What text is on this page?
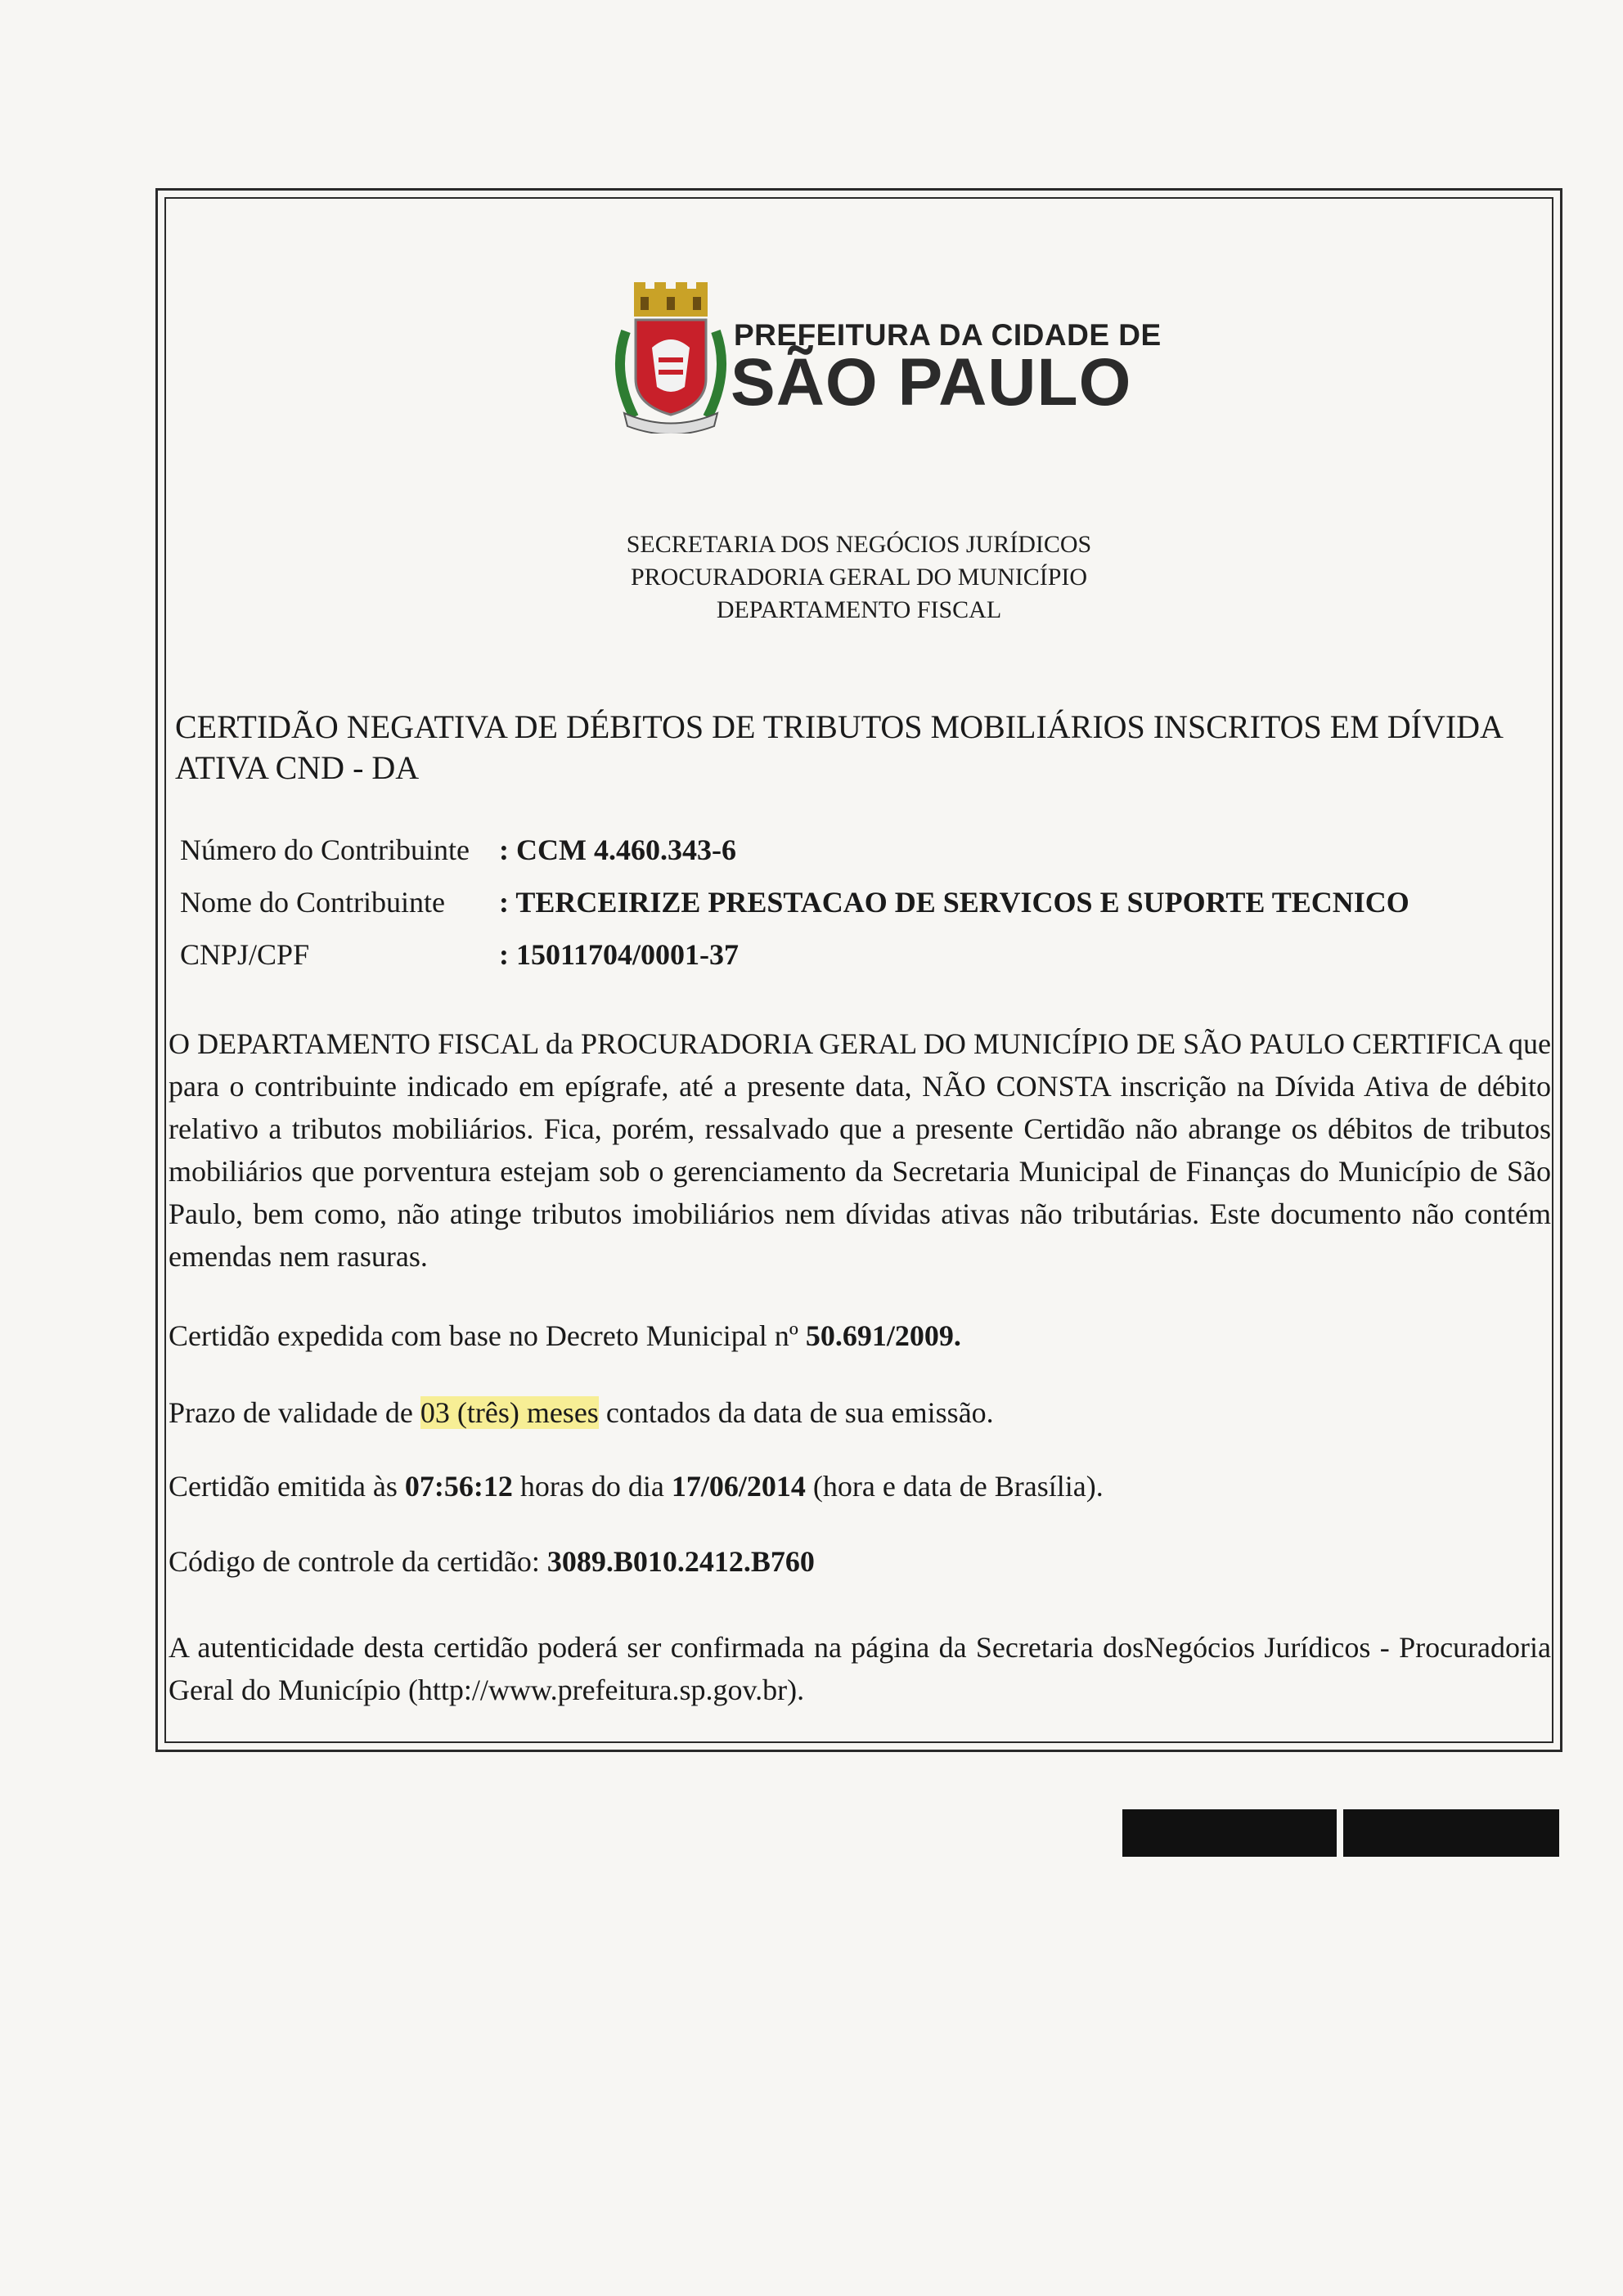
PREFEITURA DA CIDADE DE
SÃO PAULO
SECRETARIA DOS NEGÓCIOS JURÍDICOS
PROCURADORIA GERAL DO MUNICÍPIO
DEPARTAMENTO FISCAL
CERTIDÃO NEGATIVA DE DÉBITOS DE TRIBUTOS MOBILIÁRIOS INSCRITOS EM DÍVIDA ATIVA CND - DA
Número do Contribuinte : CCM 4.460.343-6
Nome do Contribuinte : TERCEIRIZE PRESTACAO DE SERVICOS E SUPORTE TECNICO
CNPJ/CPF	: 15011704/0001-37
O DEPARTAMENTO FISCAL da PROCURADORIA GERAL DO MUNICÍPIO DE SÃO PAULO CERTIFICA que para o contribuinte indicado em epígrafe, até a presente data, NÃO CONSTA inscrição na Dívida Ativa de débito relativo a tributos mobiliários. Fica, porém, ressalvado que a presente Certidão não abrange os débitos de tributos mobiliários que porventura estejam sob o gerenciamento da Secretaria Municipal de Finanças do Município de São Paulo, bem como, não atinge tributos imobiliários nem dívidas ativas não tributárias. Este documento não contém emendas nem rasuras.
Certidão expedida com base no Decreto Municipal nº 50.691/2009.
Prazo de validade de 03 (três) meses contados da data de sua emissão.
Certidão emitida às 07:56:12 horas do dia 17/06/2014 (hora e data de Brasília).
Código de controle da certidão: 3089.B010.2412.B760
A autenticidade desta certidão poderá ser confirmada na página da Secretaria dosNegócios Jurídicos - Procuradoria Geral do Município (http://www.prefeitura.sp.gov.br).
